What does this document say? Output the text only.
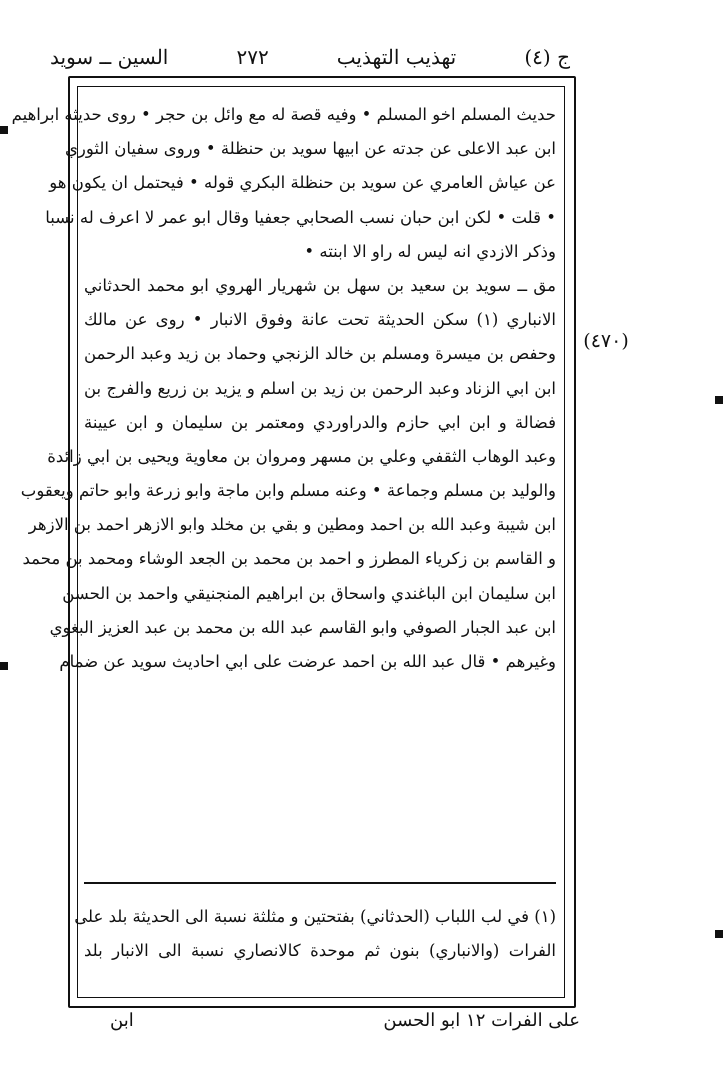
ج (٤)
تهذيب التهذيب
٢٧٢
السين ــ سويد
(٤٧٠)
حديث المسلم اخو المسلم • وفيه قصة له مع وائل بن حجر • روى حديثه ابراهيم
ابن عبد الاعلى عن جدته عن ابيها سويد بن حنظلة • وروى سفيان الثوري
عن عياش العامري عن سويد بن حنظلة البكري قوله • فيحتمل ان يكون هو
• قلت • لكن ابن حبان نسب الصحابي جعفيا وقال ابو عمر لا اعرف له نسبا
وذكر الازدي انه ليس له راو الا ابنته •
مق ــ سويد بن سعيد بن سهل بن شهريار الهروي ابو محمد الحدثاني
الانباري (١) سكن الحديثة تحت عانة وفوق الانبار • روى عن مالك
وحفص بن ميسرة ومسلم بن خالد الزنجي وحماد بن زيد وعبد الرحمن
ابن ابي الزناد وعبد الرحمن بن زيد بن اسلم و يزيد بن زريع والفرج بن
فضالة و ابن ابي حازم والدراوردي ومعتمر بن سليمان و ابن عيينة
وعبد الوهاب الثقفي وعلي بن مسهر ومروان بن معاوية ويحيى بن ابي زائدة
والوليد بن مسلم وجماعة • وعنه مسلم وابن ماجة وابو زرعة وابو حاتم ويعقوب
ابن شيبة وعبد الله بن احمد ومطين و بقي بن مخلد وابو الازهر احمد بن الازهر
و القاسم بن زكرياء المطرز و احمد بن محمد بن الجعد الوشاء ومحمد بن محمد
ابن سليمان ابن الباغندي واسحاق بن ابراهيم المنجنيقي واحمد بن الحسن
ابن عبد الجبار الصوفي وابو القاسم عبد الله بن محمد بن عبد العزيز البغوي
وغيرهم • قال عبد الله بن احمد عرضت على ابي احاديث سويد عن ضمام
(١) في لب اللباب (الحدثاني) بفتحتين و مثلثة نسبة الى الحديثة بلد على
الفرات (والانباري) بنون ثم موحدة كالانصاري نسبة الى الانبار بلد
على الفرات ١٢ ابو الحسن
ابن
